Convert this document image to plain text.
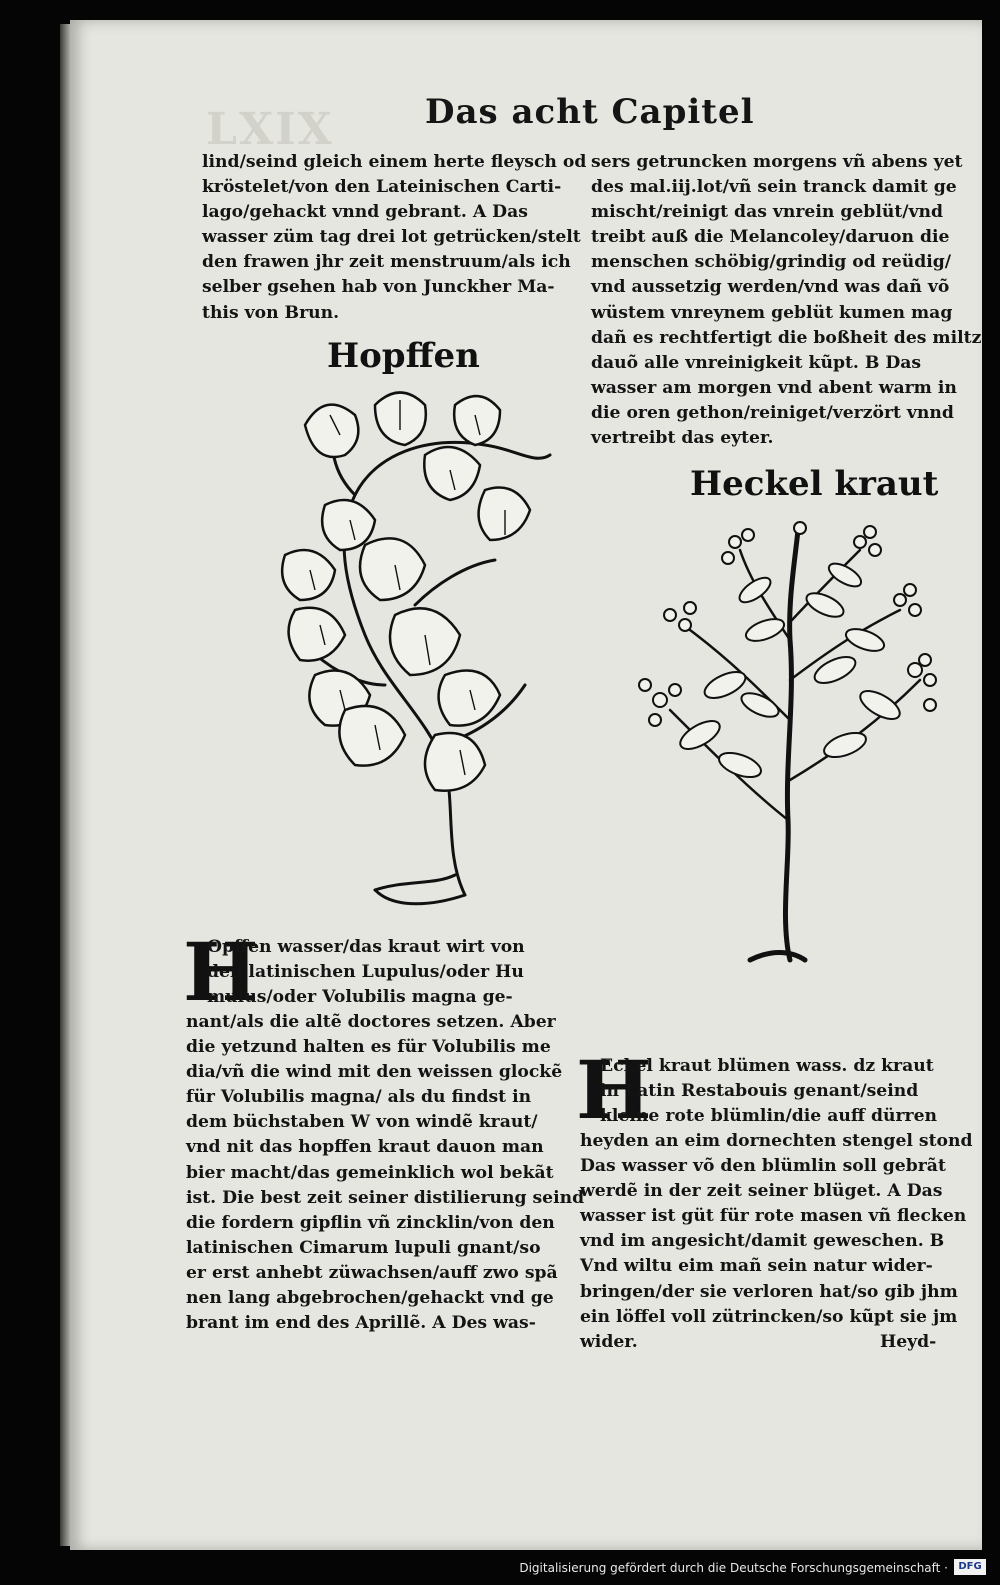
LXIX	Das acht Capitel
lind/seind gleich einem herte fleysch od
kröstelet/von den Lateinischen Carti-
lago/gehackt vnnd gebrant. A Das
wasser züm tag drei lot getrücken/stelt
den frawen jhr zeit menstruum/als ich
selber gsehen hab von Junckher Ma-
this von Brun.
sers getruncken morgens vñ abens yet
des mal.iij.lot/vñ sein tranck damit ge
mischt/reinigt das vnrein geblüt/vnd
treibt auß die Melancoley/daruon die
menschen schöbig/grindig od reüdig/
vnd aussetzig werden/vnd was dañ võ
wüstem vnreynem geblüt kumen mag
dañ es rechtfertigt die boßheit des miltz
dauõ alle vnreinigkeit kũpt. B Das
wasser am morgen vnd abent warm in
die oren gethon/reiniget/verzört vnnd
vertreibt das eyter.
Hopffen
Heckel kraut
H
Opffen wasser/das kraut wirt von
den latinischen Lupulus/oder Hu
mulus/oder Volubilis magna ge-
nant/als die altẽ doctores setzen. Aber
die yetzund halten es für Volubilis me
dia/vñ die wind mit den weissen glockẽ
für Volubilis magna/ als du findst in
dem büchstaben W von windẽ kraut/
vnd nit das hopffen kraut dauon man
bier macht/das gemeinklich wol bekãt
ist. Die best zeit seiner distilierung seind
die fordern gipflin vñ zincklin/von den
latinischen Cimarum lupuli gnant/so
er erst anhebt züwachsen/auff zwo spã
nen lang abgebrochen/gehackt vnd ge
brant im end des Aprillẽ. A Des was-
H
Eckel kraut blümen wass. dz kraut
in Latin Restabouis genant/seind
kleine rote blümlin/die auff dürren
heyden an eim dornechten stengel stond
Das wasser võ den blümlin soll gebrãt
werdẽ in der zeit seiner blüget. A Das
wasser ist güt für rote masen vñ flecken
vnd im angesicht/damit geweschen. B
Vnd wiltu eim mañ sein natur wider-
bringen/der sie verloren hat/so gib jhm
ein löffel voll zütrincken/so kũpt sie jm
wider.	Heyd-
Digitalisierung gefördert durch die Deutsche Forschungsgemeinschaft ·	DFG
